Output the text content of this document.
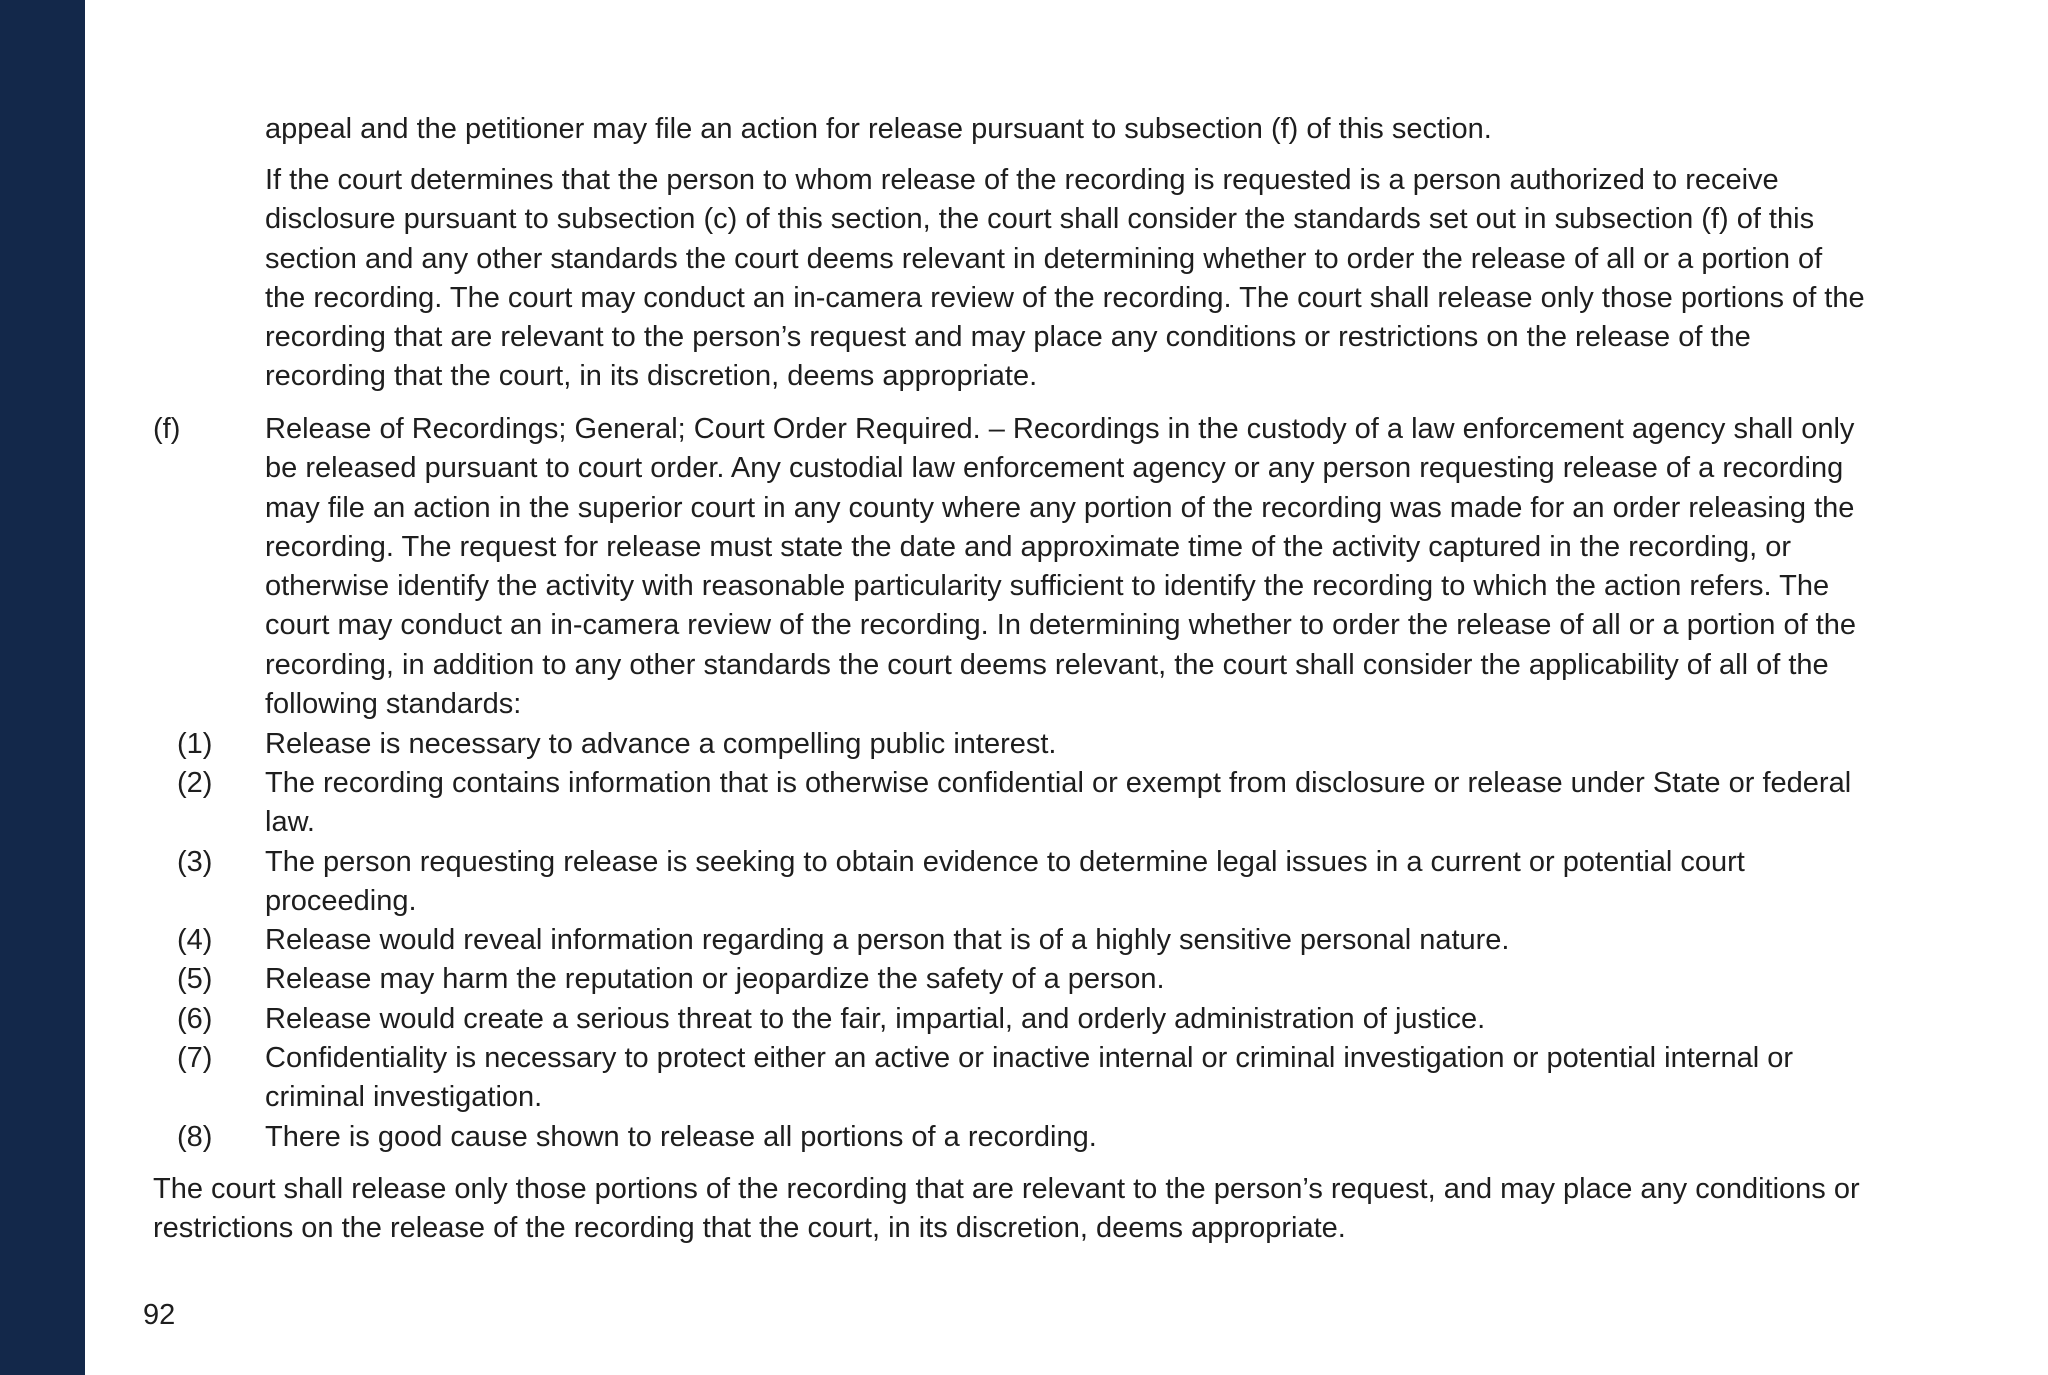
appeal and the petitioner may file an action for release pursuant to subsection (f) of this section.

If the court determines that the person to whom release of the recording is requested is a person authorized to receive disclosure pursuant to subsection (c) of this section, the court shall consider the standards set out in subsection (f) of this section and any other standards the court deems relevant in determining whether to order the release of all or a portion of the recording. The court may conduct an in-camera review of the recording. The court shall release only those portions of the recording that are relevant to the person’s request and may place any conditions or restrictions on the release of the recording that the court, in its discretion, deems appropriate.

(f)	Release of Recordings; General; Court Order Required. – Recordings in the custody of a law enforcement agency shall only be released pursuant to court order. Any custodial law enforcement agency or any person requesting release of a recording may file an action in the superior court in any county where any portion of the recording was made for an order releasing the recording. The request for release must state the date and approximate time of the activity captured in the recording, or otherwise identify the activity with reasonable particularity sufficient to identify the recording to which the action refers. The court may conduct an in-camera review of the recording. In determining whether to order the release of all or a portion of the recording, in addition to any other standards the court deems relevant, the court shall consider the applicability of all of the following standards:

(1) Release is necessary to advance a compelling public interest.
(2) The recording contains information that is otherwise confidential or exempt from disclosure or release under State or federal law.
(3) The person requesting release is seeking to obtain evidence to determine legal issues in a current or potential court proceeding.
(4) Release would reveal information regarding a person that is of a highly sensitive personal nature.
(5) Release may harm the reputation or jeopardize the safety of a person.
(6) Release would create a serious threat to the fair, impartial, and orderly administration of justice.
(7) Confidentiality is necessary to protect either an active or inactive internal or criminal investigation or potential internal or criminal investigation.
(8) There is good cause shown to release all portions of a recording.

The court shall release only those portions of the recording that are relevant to the person’s request, and may place any conditions or restrictions on the release of the recording that the court, in its discretion, deems appropriate.

92
